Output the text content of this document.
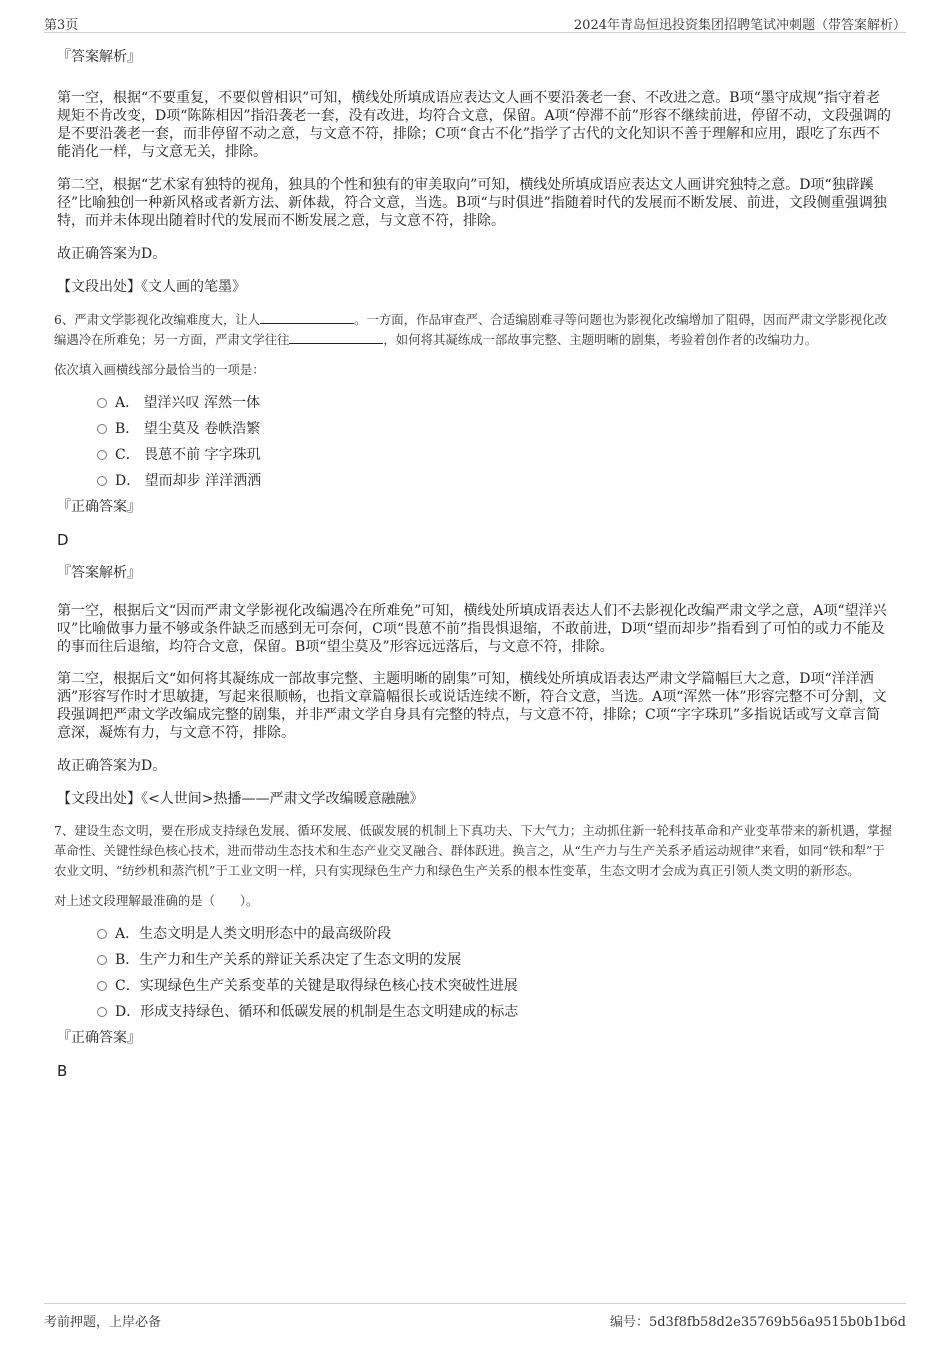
第3页	2024年青岛恒迅投资集团招聘笔试冲刺题（带答案解析）

『答案解析』

第一空，根据“不要重复，不要似曾相识”可知，横线处所填成语应表达文人画不要沿袭老一套、不改进之意。B项“墨守成规”指守着老规矩不肯改变，D项“陈陈相因”指沿袭老一套，没有改进，均符合文意，保留。A项“停滞不前”形容不继续前进，停留不动，文段强调的是不要沿袭老一套，而非停留不动之意，与文意不符，排除；C项“食古不化”指学了古代的文化知识不善于理解和应用，跟吃了东西不能消化一样，与文意无关，排除。

第二空，根据“艺术家有独特的视角，独具的个性和独有的审美取向”可知，横线处所填成语应表达文人画讲究独特之意。D项“独辟蹊径”比喻独创一种新风格或者新方法、新体裁，符合文意，当选。B项“与时俱进”指随着时代的发展而不断发展、前进，文段侧重强调独特，而并未体现出随着时代的发展而不断发展之意，与文意不符，排除。

故正确答案为D。

【文段出处】《文人画的笔墨》

6、严肃文学影视化改编难度大，让人	。一方面，作品审查严、合适编剧难寻等问题也为影视化改编增加了阻碍，因而严肃文学影视化改编遇冷在所难免；另一方面，严肃文学往往	，如何将其凝练成一部故事完整、主题明晰的剧集，考验着创作者的改编功力。

依次填入画横线部分最恰当的一项是：

A． 望洋兴叹 浑然一体
B． 望尘莫及 卷帙浩繁
C． 畏葸不前 字字珠玑
D． 望而却步 洋洋洒洒

『正确答案』

D

『答案解析』

第一空，根据后文“因而严肃文学影视化改编遇冷在所难免”可知，横线处所填成语表达人们不去影视化改编严肃文学之意，A项“望洋兴叹”比喻做事力量不够或条件缺乏而感到无可奈何，C项“畏葸不前”指畏惧退缩，不敢前进，D项“望而却步”指看到了可怕的或力不能及的事而往后退缩，均符合文意，保留。B项“望尘莫及”形容远远落后，与文意不符，排除。

第二空，根据后文“如何将其凝练成一部故事完整、主题明晰的剧集”可知，横线处所填成语表达严肃文学篇幅巨大之意，D项“洋洋洒洒”形容写作时才思敏捷，写起来很顺畅，也指文章篇幅很长或说话连续不断，符合文意，当选。A项“浑然一体”形容完整不可分割，文段强调把严肃文学改编成完整的剧集，并非严肃文学自身具有完整的特点，与文意不符，排除；C项“字字珠玑”多指说话或写文章言简意深，凝炼有力，与文意不符，排除。

故正确答案为D。

【文段出处】《<人世间>热播——严肃文学改编暖意融融》

7、建设生态文明，要在形成支持绿色发展、循环发展、低碳发展的机制上下真功夫、下大气力；主动抓住新一轮科技革命和产业变革带来的新机遇，掌握革命性、关键性绿色核心技术，进而带动生态技术和生态产业交叉融合、群体跃进。换言之，从“生产力与生产关系矛盾运动规律”来看，如同“铁和犁”于农业文明、“纺纱机和蒸汽机”于工业文明一样，只有实现绿色生产力和绿色生产关系的根本性变革，生态文明才会成为真正引领人类文明的新形态。

对上述文段理解最准确的是（　　）。

A．生态文明是人类文明形态中的最高级阶段
B．生产力和生产关系的辩证关系决定了生态文明的发展
C．实现绿色生产关系变革的关键是取得绿色核心技术突破性进展
D．形成支持绿色、循环和低碳发展的机制是生态文明建成的标志

『正确答案』

B

考前押题，上岸必备	编号：5d3f8fb58d2e35769b56a9515b0b1b6d
